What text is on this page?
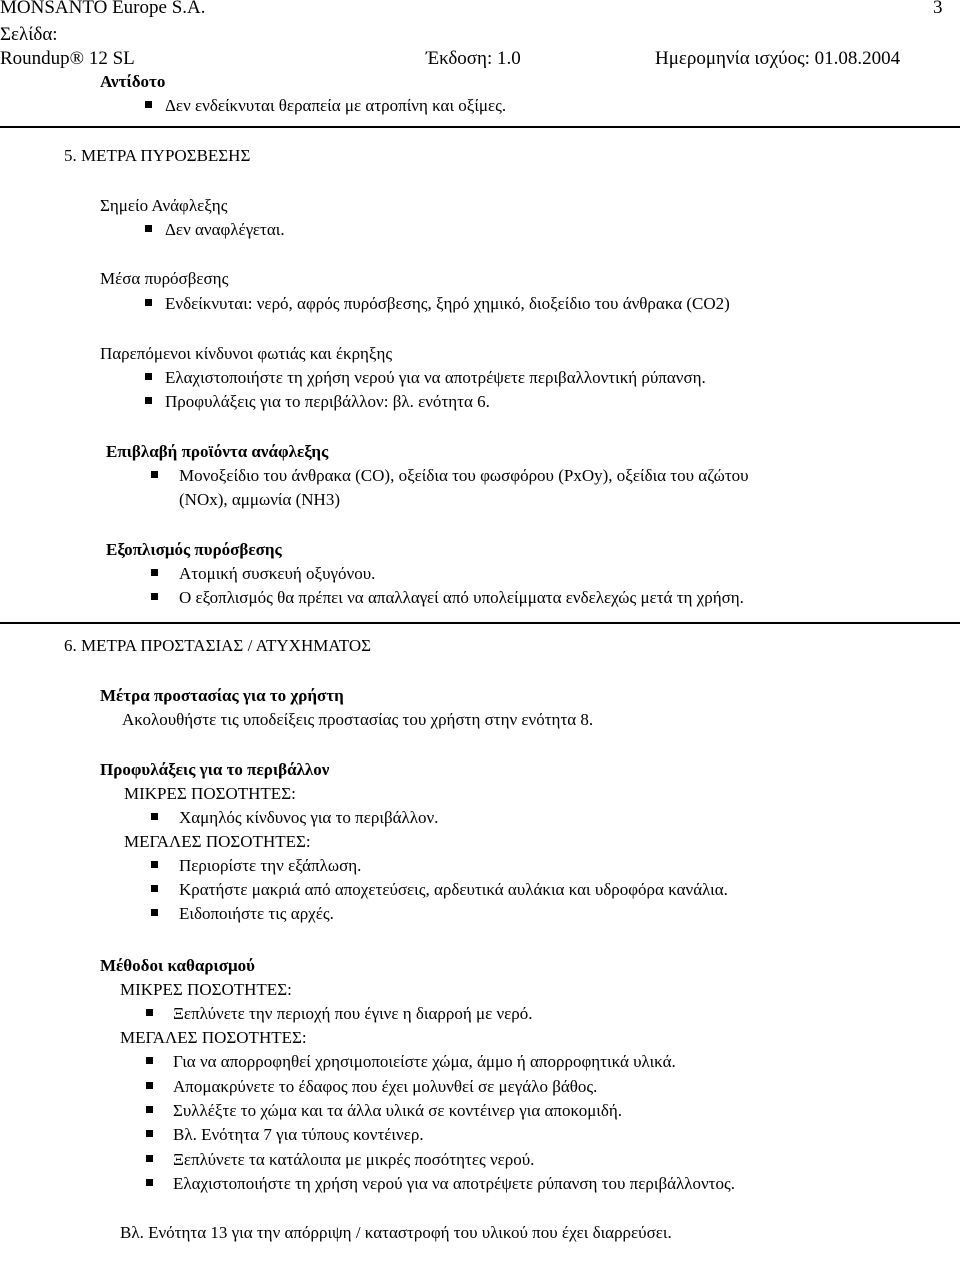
MONSANTO Europe S.A.	3
Σελίδα:
Roundup® 12 SL	Έκδοση: 1.0	Ημερομηνία ισχύος: 01.08.2004
Αντίδοτο
Δεν ενδείκνυται θεραπεία με ατροπίνη και οξίμες.
5. ΜΕΤΡΑ ΠΥΡΟΣΒΕΣΗΣ
Σημείο Ανάφλεξης
Δεν αναφλέγεται.
Μέσα πυρόσβεσης
Ενδείκνυται: νερό, αφρός πυρόσβεσης, ξηρό χημικό, διοξείδιο του άνθρακα (CO2)
Παρεπόμενοι κίνδυνοι φωτιάς και έκρηξης
Ελαχιστοποιήστε τη χρήση νερού για να αποτρέψετε περιβαλλοντική ρύπανση.
Προφυλάξεις για το περιβάλλον: βλ. ενότητα 6.
Επιβλαβή προϊόντα ανάφλεξης
Μονοξείδιο του άνθρακα (CO), οξείδια του φωσφόρου (PxOy), οξείδια του αζώτου
(NOx), αμμωνία (NH3)
Εξοπλισμός πυρόσβεσης
Ατομική συσκευή οξυγόνου.
Ο εξοπλισμός θα πρέπει να απαλλαγεί από υπολείμματα ενδελεχώς μετά τη χρήση.
6. ΜΕΤΡΑ ΠΡΟΣΤΑΣΙΑΣ / ΑΤΥΧΗΜΑΤΟΣ
Μέτρα προστασίας για το χρήστη
Ακολουθήστε τις υποδείξεις προστασίας του χρήστη στην ενότητα 8.
Προφυλάξεις για το περιβάλλον
ΜΙΚΡΕΣ ΠΟΣΟΤΗΤΕΣ:
Χαμηλός κίνδυνος για το περιβάλλον.
ΜΕΓΑΛΕΣ ΠΟΣΟΤΗΤΕΣ:
Περιορίστε την εξάπλωση.
Κρατήστε μακριά από αποχετεύσεις, αρδευτικά αυλάκια και υδροφόρα κανάλια.
Ειδοποιήστε τις αρχές.
Μέθοδοι καθαρισμού
ΜΙΚΡΕΣ ΠΟΣΟΤΗΤΕΣ:
Ξεπλύνετε την περιοχή που έγινε η διαρροή με νερό.
ΜΕΓΑΛΕΣ ΠΟΣΟΤΗΤΕΣ:
Για να απορροφηθεί χρησιμοποιείστε χώμα, άμμο ή απορροφητικά υλικά.
Απομακρύνετε το έδαφος που έχει μολυνθεί σε μεγάλο βάθος.
Συλλέξτε το χώμα και τα άλλα υλικά σε κοντέινερ για αποκομιδή.
Βλ. Ενότητα 7 για τύπους κοντέινερ.
Ξεπλύνετε τα κατάλοιπα με μικρές ποσότητες νερού.
Ελαχιστοποιήστε τη χρήση νερού για να αποτρέψετε ρύπανση του περιβάλλοντος.
Βλ. Ενότητα 13 για την απόρριψη / καταστροφή του υλικού που έχει διαρρεύσει.
